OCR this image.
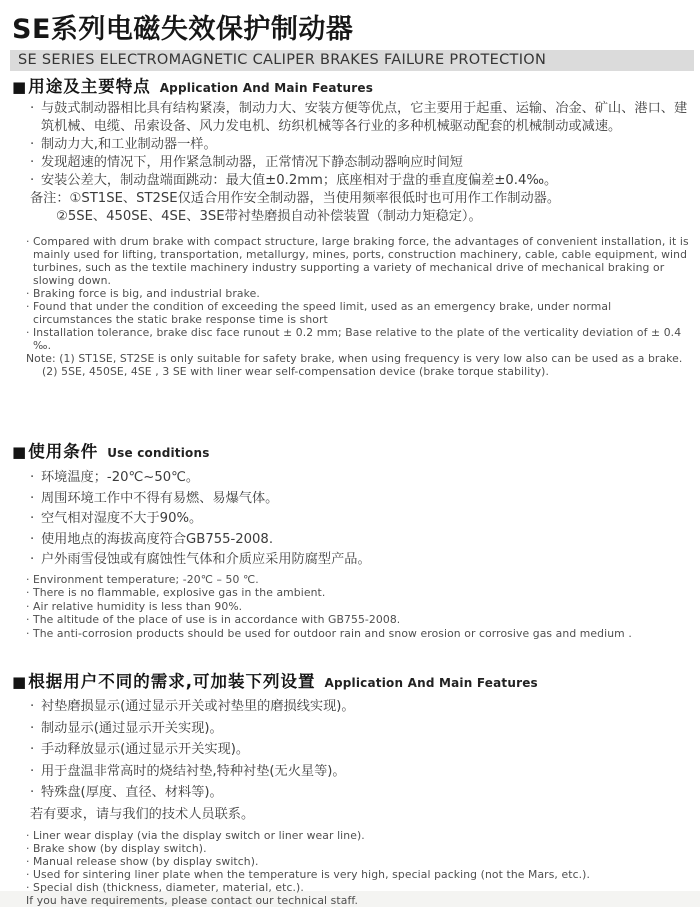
SE系列电磁失效保护制动器
SE SERIES ELECTROMAGNETIC CALIPER BRAKES FAILURE PROTECTION
■ 用途及主要特点 Application And Main Features
· 与鼓式制动器相比具有结构紧凑，制动力大、安装方便等优点，它主要用于起重、运输、冶金、矿山、港口、建筑机械、电缆、吊索设备、风力发电机、纺织机械等各行业的多种机械驱动配套的机械制动或减速。
· 制动力大,和工业制动器一样。
· 发现超速的情况下，用作紧急制动器，正常情况下静态制动器响应时间短
· 安装公差大，制动盘端面跳动：最大值±0.2mm；底座相对于盘的垂直度偏差±0.4‰。
备注：①ST1SE、ST2SE仅适合用作安全制动器，当使用频率很低时也可用作工作制动器。
②5SE、450SE、4SE、3SE带衬垫磨损自动补偿装置（制动力矩稳定）。
· Compared with drum brake with compact structure, large braking force, the advantages of convenient installation, it is mainly used for lifting, transportation, metallurgy, mines, ports, construction machinery, cable, cable equipment, wind turbines, such as the textile machinery industry supporting a variety of mechanical drive of mechanical braking or slowing down.
· Braking force is big, and industrial brake.
· Found that under the condition of exceeding the speed limit, used as an emergency brake, under normal circumstances the static brake response time is short
· Installation tolerance, brake disc face runout ± 0.2 mm; Base relative to the plate of the verticality deviation of ± 0.4 ‰.
Note: (1) ST1SE, ST2SE is only suitable for safety brake, when using frequency is very low also can be used as a brake.
(2) 5SE, 450SE, 4SE , 3 SE with liner wear self-compensation device (brake torque stability).
■ 使用条件 Use conditions
· 环境温度；-20℃~50℃。
· 周围环境工作中不得有易燃、易爆气体。
· 空气相对湿度不大于90%。
· 使用地点的海拔高度符合GB755-2008.
· 户外雨雪侵蚀或有腐蚀性气体和介质应采用防腐型产品。
· Environment temperature; -20℃ – 50 ℃.
· There is no flammable, explosive gas in the ambient.
· Air relative humidity is less than 90%.
· The altitude of the place of use is in accordance with GB755-2008.
· The anti-corrosion products should be used for outdoor rain and snow erosion or corrosive gas and medium .
■ 根据用户不同的需求,可加装下列设置 Application And Main Features
· 衬垫磨损显示(通过显示开关或衬垫里的磨损线实现)。
· 制动显示(通过显示开关实现)。
· 手动释放显示(通过显示开关实现)。
· 用于盘温非常高时的烧结衬垫,特种衬垫(无火星等)。
· 特殊盘(厚度、直径、材料等)。
若有要求，请与我们的技术人员联系。
· Liner wear display (via the display switch or liner wear line).
· Brake show (by display switch).
· Manual release show (by display switch).
· Used for sintering liner plate when the temperature is very high, special packing (not the Mars, etc.).
· Special dish (thickness, diameter, material, etc.).
If you have requirements, please contact our technical staff.
